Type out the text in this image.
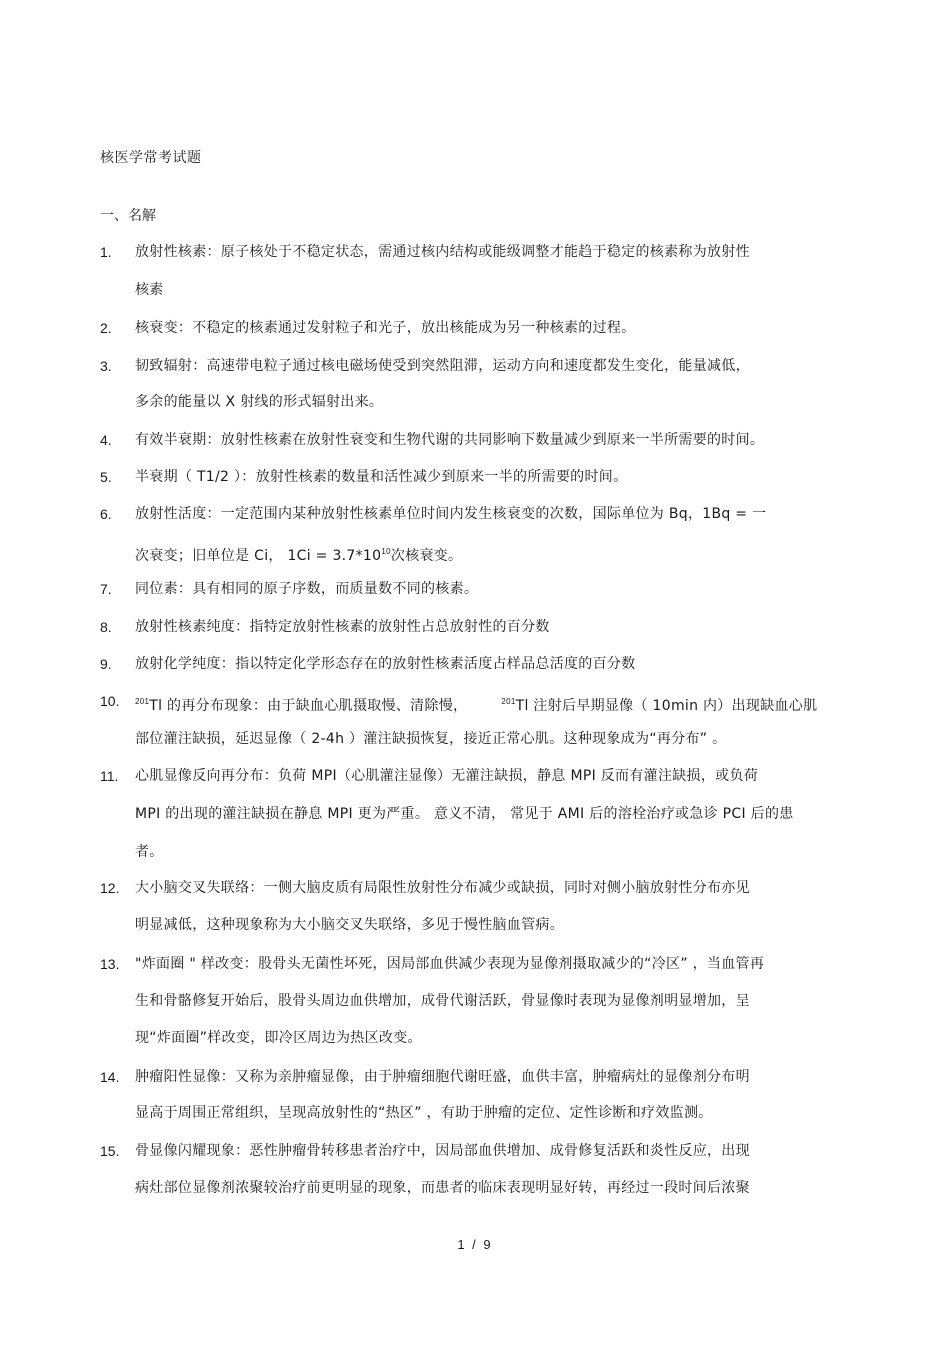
核医学常考试题
一、名解
1.	放射性核素：原子核处于不稳定状态，需通过核内结构或能级调整才能趋于稳定的核素称为放射性
核素
2.	核衰变：不稳定的核素通过发射粒子和光子，放出核能成为另一种核素的过程。
3.	韧致辐射：高速带电粒子通过核电磁场使受到突然阻滞，运动方向和速度都发生变化，能量减低，
多余的能量以 X 射线的形式辐射出来。
4.	有效半衰期：放射性核素在放射性衰变和生物代谢的共同影响下数量减少到原来一半所需要的时间。
5.	半衰期（ T1/2 ）：放射性核素的数量和活性减少到原来一半的所需要的时间。
6.	放射性活度：一定范围内某种放射性核素单位时间内发生核衰变的次数，国际单位为 Bq，1Bq = 一
次衰变；旧单位是 Ci， $1Ci = 3.7*10^{10}$次核衰变。
7.	同位素：具有相同的原子序数，而质量数不同的核素。
8.	放射性核素纯度：指特定放射性核素的放射性占总放射性的百分数
9.	放射化学纯度：指以特定化学形态存在的放射性核素活度占样品总活度的百分数
10.	$^{201}$Tl 的再分布现象：由于缺血心肌摄取慢、清除慢，	$^{201}$Tl 注射后早期显像（ 10min 内）出现缺血心肌
部位灌注缺损，延迟显像（ 2-4h ）灌注缺损恢复，接近正常心肌。这种现象成为“再分布” 。
11.	心肌显像反向再分布：负荷 MPI（心肌灌注显像）无灌注缺损，静息 MPI 反而有灌注缺损，或负荷
MPI 的出现的灌注缺损在静息 MPI 更为严重。 意义不清， 常见于 AMI 后的溶栓治疗或急诊 PCI 后的患
者。
12.	大小脑交叉失联络：一侧大脑皮质有局限性放射性分布减少或缺损，同时对侧小脑放射性分布亦见
明显减低，这种现象称为大小脑交叉失联络，多见于慢性脑血管病。
13.	"炸面圈 " 样改变：股骨头无菌性坏死，因局部血供减少表现为显像剂摄取减少的“冷区” ，当血管再
生和骨骼修复开始后，股骨头周边血供增加，成骨代谢活跃，骨显像时表现为显像剂明显增加，呈
现“炸面圈”样改变，即冷区周边为热区改变。
14.	肿瘤阳性显像：又称为亲肿瘤显像，由于肿瘤细胞代谢旺盛，血供丰富，肿瘤病灶的显像剂分布明
显高于周围正常组织，呈现高放射性的“热区” ，有助于肿瘤的定位、定性诊断和疗效监测。
15.	骨显像闪耀现象：恶性肿瘤骨转移患者治疗中，因局部血供增加、成骨修复活跃和炎性反应，出现
病灶部位显像剂浓聚较治疗前更明显的现象，而患者的临床表现明显好转，再经过一段时间后浓聚
1 / 9
